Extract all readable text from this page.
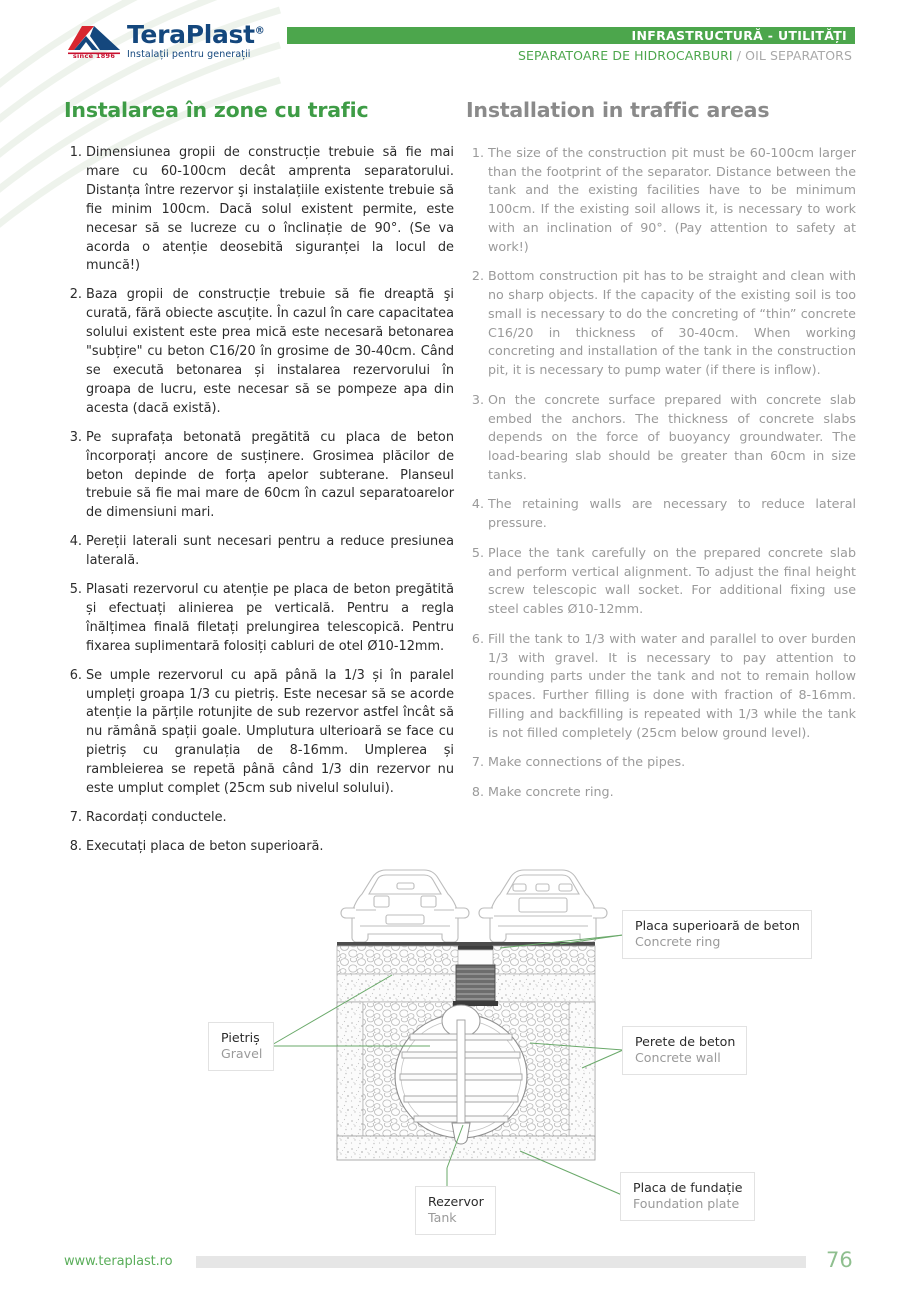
since 1896
TeraPlast®
Instalații pentru generații
INFRASTRUCTURĂ - UTILITĂȚI
SEPARATOARE DE HIDROCARBURI / OIL SEPARATORS
Instalarea în zone cu trafic	Installation in traffic areas
1. Dimensiunea gropii de construcție trebuie să fie mai mare cu 60-100cm decât amprenta separatorului. Distanța între rezervor şi instalațiile existente trebuie să fie minim 100cm. Dacă solul existent permite, este necesar să se lucreze cu o înclinație de 90°. (Se va acorda o atenție deosebită siguranței la locul de muncă!)
2. Baza gropii de construcție trebuie să fie dreaptă şi curată, fără obiecte ascuțite. În cazul în care capacitatea solului existent este prea mică este necesară betonarea "subțire" cu beton C16/20 în grosime de 30-40cm. Când se execută betonarea și instalarea rezervorului în groapa de lucru, este necesar să se pompeze apa din acesta (dacă există).
3. Pe suprafața betonată pregătită cu placa de beton încorporați ancore de susținere. Grosimea plăcilor de beton depinde de forța apelor subterane. Planseul trebuie să fie mai mare de 60cm în cazul separatoarelor de dimensiuni mari.
4. Pereții laterali sunt necesari pentru a reduce presiunea laterală.
5. Plasati rezervorul cu atenție pe placa de beton pregătită și efectuați alinierea pe verticală. Pentru a regla înălțimea finală filetați prelungirea telescopică. Pentru fixarea suplimentară folosiți cabluri de otel Ø10-12mm.
6. Se umple rezervorul cu apă până la 1/3 și în paralel umpleți groapa 1/3 cu pietriș. Este necesar să se acorde atenție la părțile rotunjite de sub rezervor astfel încât să nu rămână spații goale. Umplutura ulterioară se face cu pietriș cu granulația de 8-16mm. Umplerea și rambleierea se repetă până când 1/3 din rezervor nu este umplut complet (25cm sub nivelul solului).
7. Racordați conductele.
8. Executați placa de beton superioară.
1. The size of the construction pit must be 60-100cm larger than the footprint of the separator. Distance between the tank and the existing facilities have to be minimum 100cm. If the existing soil allows it, is necessary to work with an inclination of 90°. (Pay attention to safety at work!)
2. Bottom construction pit has to be straight and clean with no sharp objects. If the capacity of the existing soil is too small is necessary to do the concreting of “thin” concrete C16/20 in thickness of 30-40cm. When working concreting and installation of the tank in the construction pit, it is necessary to pump water (if there is inflow).
3. On the concrete surface prepared with concrete slab embed the anchors. The thickness of concrete slabs depends on the force of buoyancy groundwater. The load-bearing slab should be greater than 60cm in size tanks.
4. The retaining walls are necessary to reduce lateral pressure.
5. Place the tank carefully on the prepared concrete slab and perform vertical alignment. To adjust the final height screw telescopic wall socket. For additional fixing use steel cables Ø10-12mm.
6. Fill the tank to 1/3 with water and parallel to over burden 1/3 with gravel. It is necessary to pay attention to rounding parts under the tank and not to remain hollow spaces. Further filling is done with fraction of 8-16mm. Filling and backfilling is repeated with 1/3 while the tank is not filled completely (25cm below ground level).
7. Make connections of the pipes.
8. Make concrete ring.
Pietriș
Gravel
Placa superioară de beton
Concrete ring
Perete de beton
Concrete wall
Rezervor
Tank
Placa de fundație
Foundation plate
www.teraplast.ro	76
